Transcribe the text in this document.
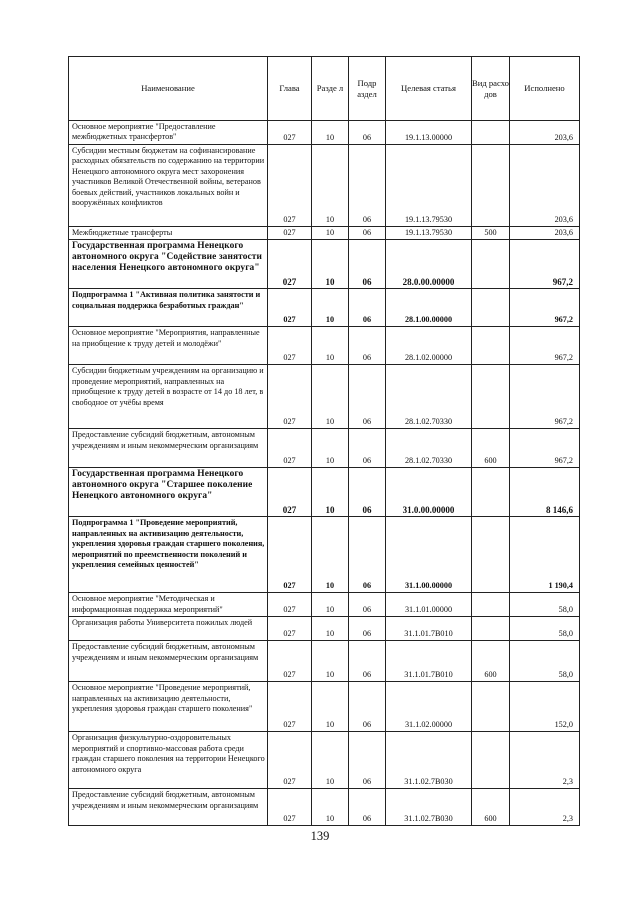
Наименование	Глава	Разде л	Подр аздел	Целевая статья	Вид расхо дов	Исполнено
Основное мероприятие "Предоставление межбюджетных трансфертов"	027	10	06	19.1.13.00000		203,6
Субсидии местным бюджетам на софинансирование расходных обязательств по содержанию на территории Ненецкого автономного округа мест захоронения участников Великой Отечественной войны, ветеранов боевых действий, участников локальных войн и вооружённых конфликтов	027	10	06	19.1.13.79530		203,6
Межбюджетные трансферты	027	10	06	19.1.13.79530	500	203,6
Государственная программа Ненецкого автономного округа "Содействие занятости населения Ненецкого автономного округа"	027	10	06	28.0.00.00000		967,2
Подпрограмма 1 "Активная политика занятости и социальная поддержка безработных граждан"	027	10	06	28.1.00.00000		967,2
Основное мероприятие "Мероприятия, направленные на приобщение к труду детей и молодёжи"	027	10	06	28.1.02.00000		967,2
Субсидии бюджетным учреждениям на организацию и проведение мероприятий, направленных на приобщение к труду детей в возрасте от 14 до 18 лет, в свободное от учёбы время	027	10	06	28.1.02.70330		967,2
Предоставление субсидий бюджетным, автономным учреждениям и иным некоммерческим организациям	027	10	06	28.1.02.70330	600	967,2
Государственная программа Ненецкого автономного округа "Старшее поколение Ненецкого автономного округа"	027	10	06	31.0.00.00000		8 146,6
Подпрограмма 1 "Проведение мероприятий, направленных на активизацию деятельности, укрепления здоровья граждан старшего поколения, мероприятий по преемственности поколений и укрепления семейных ценностей"	027	10	06	31.1.00.00000		1 190,4
Основное мероприятие "Методическая и информационная поддержка мероприятий"	027	10	06	31.1.01.00000		58,0
Организация работы Университета пожилых людей	027	10	06	31.1.01.7B010		58,0
Предоставление субсидий бюджетным, автономным учреждениям и иным некоммерческим организациям	027	10	06	31.1.01.7B010	600	58,0
Основное мероприятие "Проведение мероприятий, направленных на активизацию деятельности, укрепления здоровья граждан старшего поколения"	027	10	06	31.1.02.00000		152,0
Организация физкультурно-оздоровительных мероприятий и спортивно-массовая работа среди граждан старшего поколения на территории Ненецкого автономного округа	027	10	06	31.1.02.7B030		2,3
Предоставление субсидий бюджетным, автономным учреждениям и иным некоммерческим организациям	027	10	06	31.1.02.7B030	600	2,3
139
